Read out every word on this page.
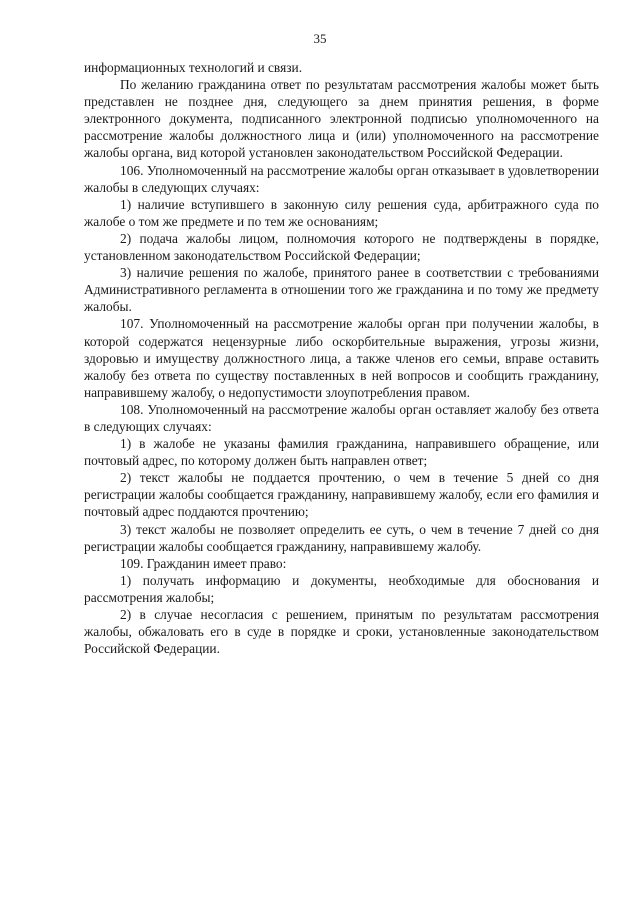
35

информационных технологий и связи.

По желанию гражданина ответ по результатам рассмотрения жалобы может быть представлен не позднее дня, следующего за днем принятия решения, в форме электронного документа, подписанного электронной подписью уполномоченного на рассмотрение жалобы должностного лица и (или) уполномоченного на рассмотрение жалобы органа, вид которой установлен законодательством Российской Федерации.

106. Уполномоченный на рассмотрение жалобы орган отказывает в удовлетворении жалобы в следующих случаях:

1) наличие вступившего в законную силу решения суда, арбитражного суда по жалобе о том же предмете и по тем же основаниям;

2) подача жалобы лицом, полномочия которого не подтверждены в порядке, установленном законодательством Российской Федерации;

3) наличие решения по жалобе, принятого ранее в соответствии с требованиями Административного регламента в отношении того же гражданина и по тому же предмету жалобы.

107. Уполномоченный на рассмотрение жалобы орган при получении жалобы, в которой содержатся нецензурные либо оскорбительные выражения, угрозы жизни, здоровью и имуществу должностного лица, а также членов его семьи, вправе оставить жалобу без ответа по существу поставленных в ней вопросов и сообщить гражданину, направившему жалобу, о недопустимости злоупотребления правом.

108. Уполномоченный на рассмотрение жалобы орган оставляет жалобу без ответа в следующих случаях:

1) в жалобе не указаны фамилия гражданина, направившего обращение, или почтовый адрес, по которому должен быть направлен ответ;

2) текст жалобы не поддается прочтению, о чем в течение 5 дней со дня регистрации жалобы сообщается гражданину, направившему жалобу, если его фамилия и почтовый адрес поддаются прочтению;

3) текст жалобы не позволяет определить ее суть, о чем в течение 7 дней со дня регистрации жалобы сообщается гражданину, направившему жалобу.

109. Гражданин имеет право:

1) получать информацию и документы, необходимые для обоснования и рассмотрения жалобы;

2) в случае несогласия с решением, принятым по результатам рассмотрения жалобы, обжаловать его в суде в порядке и сроки, установленные законодательством Российской Федерации.
